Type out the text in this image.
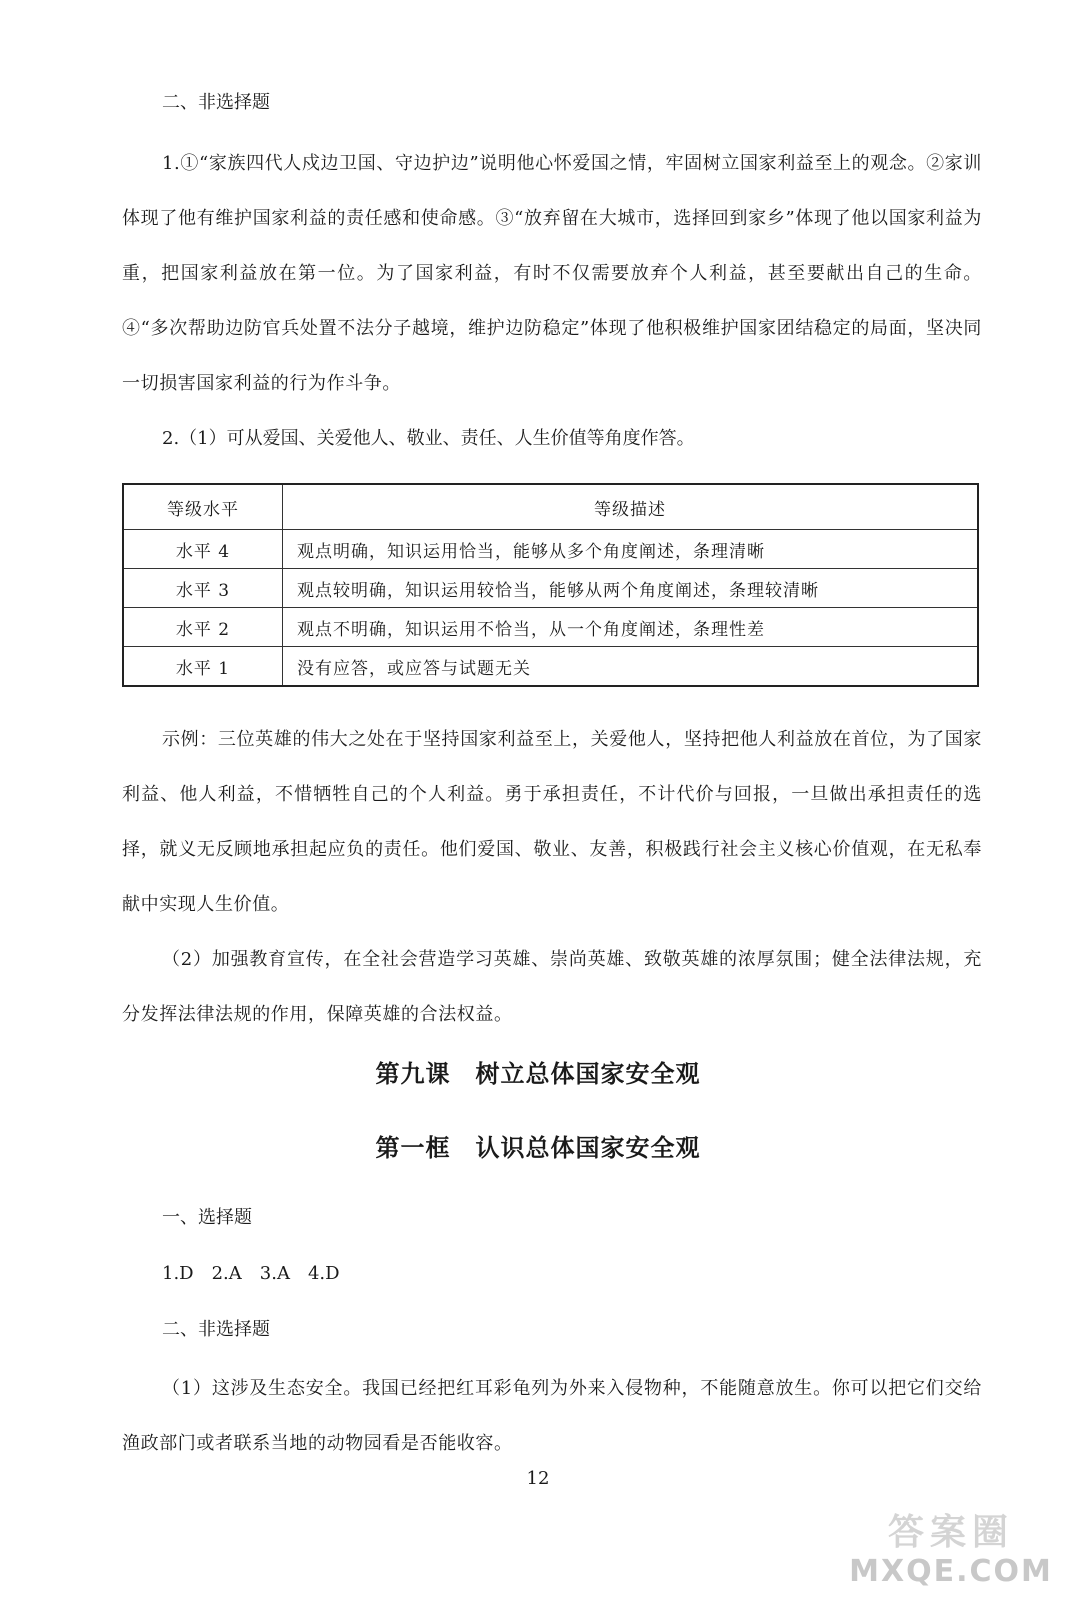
二、非选择题
1.①“家族四代人戍边卫国、守边护边”说明他心怀爱国之情，牢固树立国家利益至上的观念。②家训体现了他有维护国家利益的责任感和使命感。③“放弃留在大城市，选择回到家乡”体现了他以国家利益为重，把国家利益放在第一位。为了国家利益，有时不仅需要放弃个人利益，甚至要献出自己的生命。④“多次帮助边防官兵处置不法分子越境，维护边防稳定”体现了他积极维护国家团结稳定的局面，坚决同一切损害国家利益的行为作斗争。
2.（1）可从爱国、关爱他人、敬业、责任、人生价值等角度作答。
等级水平	等级描述
水平 4	观点明确，知识运用恰当，能够从多个角度阐述，条理清晰
水平 3	观点较明确，知识运用较恰当，能够从两个角度阐述，条理较清晰
水平 2	观点不明确，知识运用不恰当，从一个角度阐述，条理性差
水平 1	没有应答，或应答与试题无关
示例：三位英雄的伟大之处在于坚持国家利益至上，关爱他人，坚持把他人利益放在首位，为了国家利益、他人利益，不惜牺牲自己的个人利益。勇于承担责任，不计代价与回报，一旦做出承担责任的选择，就义无反顾地承担起应负的责任。他们爱国、敬业、友善，积极践行社会主义核心价值观，在无私奉献中实现人生价值。
（2）加强教育宣传，在全社会营造学习英雄、崇尚英雄、致敬英雄的浓厚氛围；健全法律法规，充分发挥法律法规的作用，保障英雄的合法权益。
第九课　树立总体国家安全观
第一框　认识总体国家安全观
一、选择题
1.D　2.A　3.A　4.D
二、非选择题
（1）这涉及生态安全。我国已经把红耳彩龟列为外来入侵物种，不能随意放生。你可以把它们交给渔政部门或者联系当地的动物园看是否能收容。
12
答案圈
MXQE.COM
